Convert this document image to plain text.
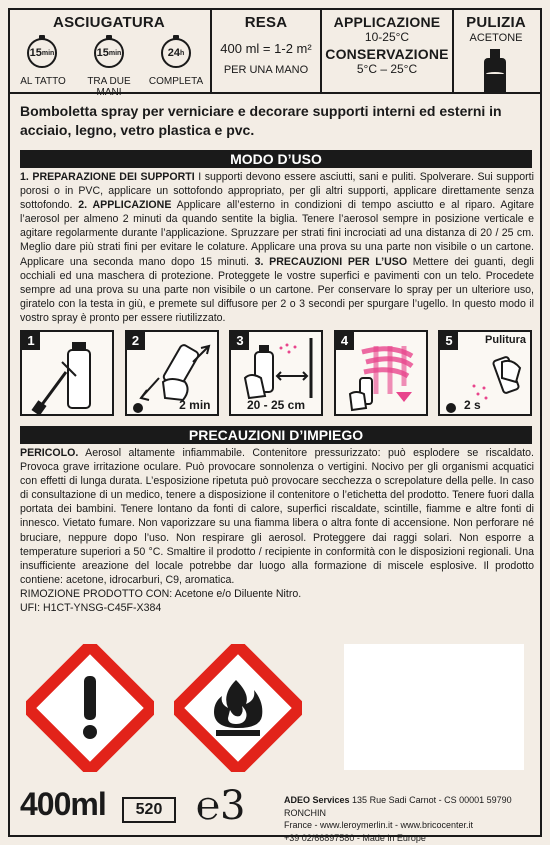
ASCIUGATURA
15 min	15 min	24 h
AL TATTO	TRA DUE MANI
COMPLETA
RESA
400 ml = 1-2 m²
PER UNA MANO
APPLICAZIONE
10-25°C
CONSERVAZIONE
5°C – 25°C
PULIZIA
ACETONE
Bomboletta spray per verniciare e decorare supporti interni ed esterni in acciaio, legno, vetro plastica e pvc.
MODO D’USO
1. PREPARAZIONE DEI SUPPORTI I supporti devono essere asciutti, sani e puliti. Spolverare. Sui supporti porosi o in PVC, applicare un sottofondo appropriato, per gli altri supporti, applicare direttamente senza sottofondo. 2. APPLICAZIONE Applicare all’esterno in condizioni di tempo asciutto e al riparo. Agitare l’aerosol per almeno 2 minuti da quando sentite la biglia. Tenere l’aerosol sempre in posizione verticale e agitare regolarmente durante l’applicazione. Spruzzare per strati fini incrociati ad una distanza di 20 / 25 cm. Meglio dare più strati fini per evitare le colature. Applicare una prova su una parte non visibile o un cartone. Applicare una seconda mano dopo 15 minuti. 3. PRECAUZIONI PER L’USO Mettere dei guanti, degli occhiali ed una maschera di protezione. Proteggete le vostre superfici e pavimenti con un telo. Procedete sempre ad una prova su una parte non visibile o un cartone. Per conservare lo spray per un ulteriore uso, giratelo con la testa in giù, e premete sul diffusore per 2 o 3 secondi per spurgare l’ugello. In questo modo il vostro spray è pronto per essere riutilizzato.
1	2
2 min
3
20 - 25 cm
4	5	Pulitura
2 s
PRECAUZIONI D’IMPIEGO
PERICOLO. Aerosol altamente infiammabile. Contenitore pressurizzato: può esplodere se riscaldato. Provoca grave irritazione oculare. Può provocare sonnolenza o vertigini. Nocivo per gli organismi acquatici con effetti di lunga durata. L’esposizione ripetuta può provocare secchezza o screpolature della pelle. In caso di consultazione di un medico, tenere a disposizione il contenitore o l’etichetta del prodotto. Tenere fuori dalla portata dei bambini. Tenere lontano da fonti di calore, superfici riscaldate, scintille, fiamme e altre fonti di innesco. Vietato fumare. Non vaporizzare su una fiamma libera o altra fonte di accensione. Non perforare né bruciare, neppure dopo l’uso. Non respirare gli aerosol. Proteggere dai raggi solari. Non esporre a temperature superiori a 50 °C. Smaltire il prodotto / recipiente in conformità con le disposizioni regionali. Una insufficiente areazione del locale potrebbe dar luogo alla formazione di miscele esplosive. Il prodotto contiene: acetone, idrocarburi, C9, aromatica.
RIMOZIONE PRODOTTO CON: Acetone e/o Diluente Nitro.
UFI: H1CT-YNSG-C45F-X384
400ml	520 ℮3	ADEO Services 135 Rue Sadi Carnot - CS 00001 59790 RONCHIN
France - www.leroymerlin.it - www.bricocenter.it
+39 02/66897580 - Made in Europe
